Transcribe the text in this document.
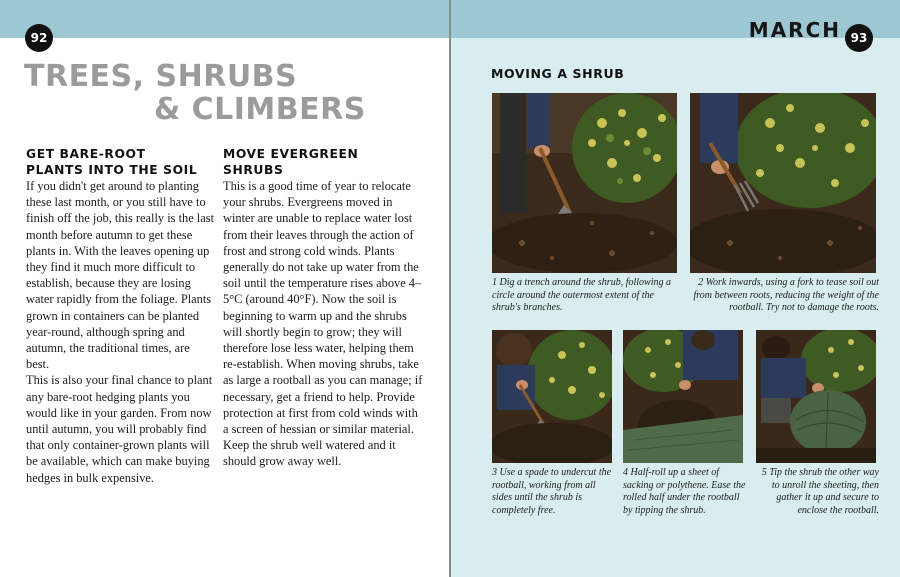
92
TREES, SHRUBS
& CLIMBERS
GET BARE-ROOT
PLANTS INTO THE SOIL

If you didn't get around to planting these last month, or you still have to finish off the job, this really is the last month before autumn to get these plants in. With the leaves opening up they find it much more difficult to establish, because they are losing water rapidly from the foliage. Plants grown in containers can be planted year-round, although spring and autumn, the traditional times, are best.

This is also your final chance to plant any bare-root hedging plants you would like in your garden. From now until autumn, you will probably find that only container-grown plants will be available, which can make buying hedges in bulk expensive.

MOVE EVERGREEN
SHRUBS

This is a good time of year to relocate your shrubs. Evergreens moved in winter are unable to replace water lost from their leaves through the action of frost and strong cold winds. Plants generally do not take up water from the soil until the temperature rises above 4–5°C (around 40°F). Now the soil is beginning to warm up and the shrubs will shortly begin to grow; they will therefore lose less water, helping them re-establish. When moving shrubs, take as large a rootball as you can manage; if necessary, get a friend to help. Provide protection at first from cold winds with a screen of hessian or similar material. Keep the shrub well watered and it should grow away well.

MARCH 93
MOVING A SHRUB
1 Dig a trench around the shrub, following a circle around the outermost extent of the shrub's branches.
2 Work inwards, using a fork to tease soil out from between roots, reducing the weight of the rootball. Try not to damage the roots.
3 Use a spade to undercut the rootball, working from all sides until the shrub is completely free.
4 Half-roll up a sheet of sacking or polythene. Ease the rolled half under the rootball by tipping the shrub.
5 Tip the shrub the other way to unroll the sheeting, then gather it up and secure to enclose the rootball.
